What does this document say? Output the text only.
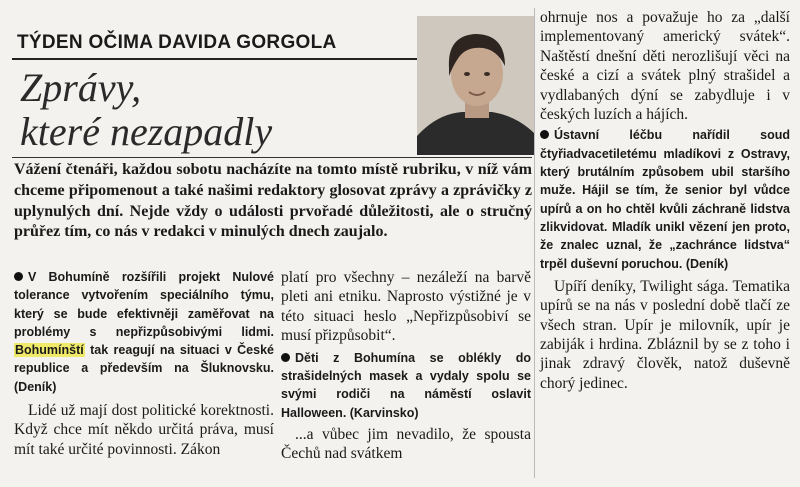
TÝDEN OČIMA DAVIDA GORGOLA
Zprávy,
které nezapadly

Vážení čtenáři, každou sobotu nacházíte na tomto místě rubriku, v níž vám chceme připomenout a také našimi redaktory glosovat zprávy a zprávičky z uplynulých dní. Nejde vždy o události prvořadé důležitosti, ale o stručný průřez tím, co nás v redakci v minulých dnech zaujalo.

V Bohumíně rozšířili projekt Nulové tolerance vytvořením speciálního týmu, který se bude efektivněji zaměřovat na problémy s nepřizpůsobivými lidmi. Bohumínští tak reagují na situaci v České republice a především na Šluknovsku. (Deník)

Lidé už mají dost politické korektnosti. Když chce mít někdo určitá práva, musí mít také určité povinnosti. Zákon

platí pro všechny – nezáleží na barvě pleti ani etniku. Naprosto výstižné je v této situaci heslo „Nepřizpůsobiví se musí přizpůsobit“.

Děti z Bohumína se oblékly do strašidelných masek a vydaly spolu se svými rodiči na náměstí oslavit Halloween. (Karvinsko)

...a vůbec jim nevadilo, že spousta Čechů nad svátkem

ohrnuje nos a považuje ho za „další implementovaný americký svátek“. Naštěstí dnešní děti nerozlišují věci na české a cizí a svátek plný strašidel a vydlabaných dýní se zabydluje i v českých luzích a hájích.

Ústavní léčbu nařídil soud čtyřiadvacetiletému mladíkovi z Ostravy, který brutálním způsobem ubil staršího muže. Hájil se tím, že senior byl vůdce upírů a on ho chtěl kvůli záchraně lidstva zlikvidovat. Mladík unikl vězení jen proto, že znalec uznal, že „zachránce lidstva“ trpěl duševní poruchou. (Deník)

Upíří deníky, Twilight sága. Tematika upírů se na nás v poslední době tlačí ze všech stran. Upír je milovník, upír je zabiják i hrdina. Zbláznil by se z toho i jinak zdravý člověk, natož duševně chorý jedinec.
